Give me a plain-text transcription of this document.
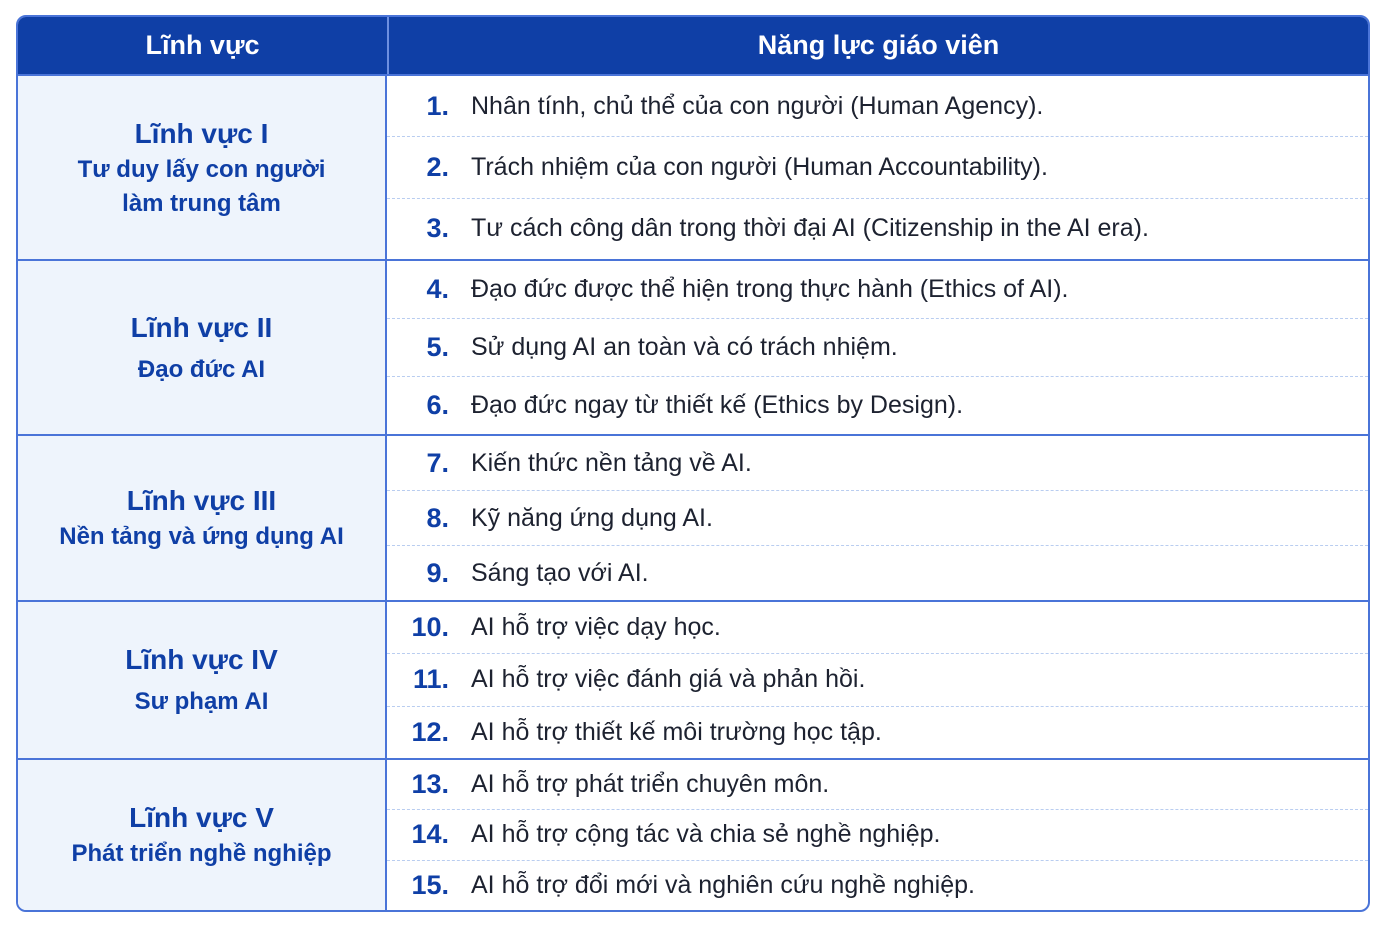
Lĩnh vực	Năng lực giáo viên
Lĩnh vực I
Tư duy lấy con người
làm trung tâm
1. Nhân tính, chủ thể của con người (Human Agency).
2. Trách nhiệm của con người (Human Accountability).
3. Tư cách công dân trong thời đại AI (Citizenship in the AI era).
Lĩnh vực II
Đạo đức AI
4. Đạo đức được thể hiện trong thực hành (Ethics of AI).
5. Sử dụng AI an toàn và có trách nhiệm.
6. Đạo đức ngay từ thiết kế (Ethics by Design).
Lĩnh vực III
Nền tảng và ứng dụng AI
7. Kiến thức nền tảng về AI.
8. Kỹ năng ứng dụng AI.
9. Sáng tạo với AI.
Lĩnh vực IV
Sư phạm AI
10. AI hỗ trợ việc dạy học.
11. AI hỗ trợ việc đánh giá và phản hồi.
12. AI hỗ trợ thiết kế môi trường học tập.
Lĩnh vực V
Phát triển nghề nghiệp
13. AI hỗ trợ phát triển chuyên môn.
14. AI hỗ trợ cộng tác và chia sẻ nghề nghiệp.
15. AI hỗ trợ đổi mới và nghiên cứu nghề nghiệp.
